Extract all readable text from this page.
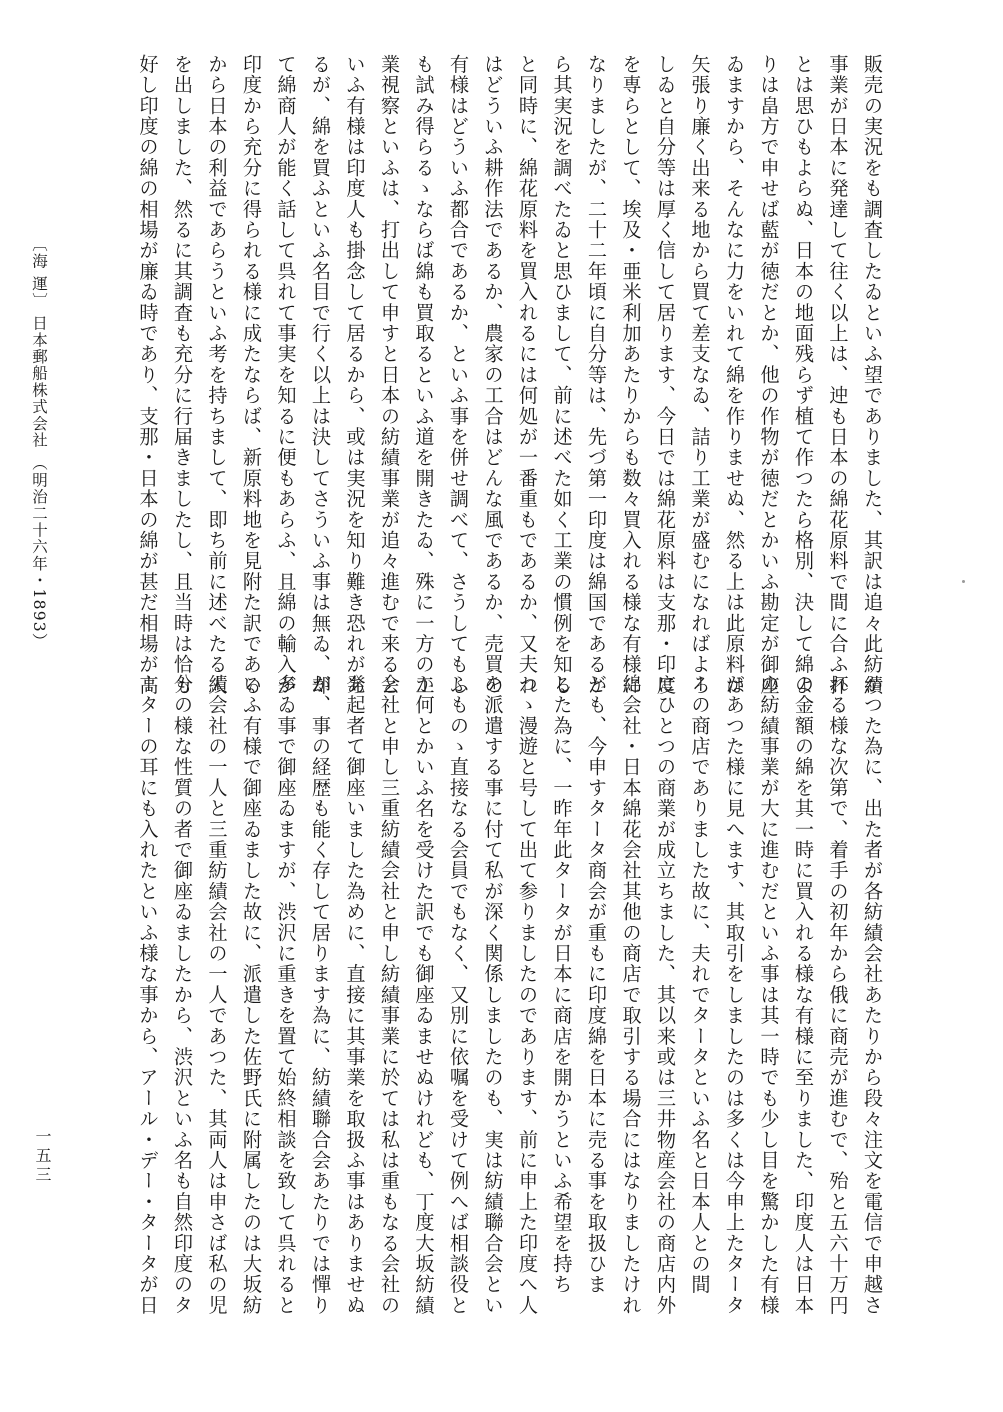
販売の実況をも調査したゐといふ望でありました、其訳は追々此紡績
事業が日本に発達して往く以上は、迚も日本の綿花原料で間に合ふ抔
とは思ひもよらぬ、日本の地面残らず植て作つたら格別、決して綿よ
りは畠方で申せば藍が徳だとか、他の作物が徳だとかいふ勘定が御座
ゐますから、そんなに力をいれて綿を作りませぬ、然る上は此原料は
矢張り廉く出来る地から買て差支なゐ、詰り工業が盛むになればよろ
しゐと自分等は厚く信して居ります、今日では綿花原料は支那・印度
を専らとして、埃及・亜米利加あたりからも数々買入れる様な有様に
なりましたが、二十二年頃に自分等は、先づ第一印度は綿国であるか
ら其実況を調べたゐと思ひまして、前に述べた如く工業の慣例を知る
と同時に、綿花原料を買入れるには何処が一番重もであるか、又夫れ
はどういふ耕作法であるか、農家の工合はどんな風であるか、売買の
有様はどういふ都合であるか、といふ事を併せ調べて、さうしてもし
も試み得らるゝならば綿も買取るといふ道を開きたゐ、殊に一方の工
業視察といふは、打出して申すと日本の紡績事業が追々進むで来ると
いふ有様は印度人も掛念して居るから、或は実況を知り難き恐れがあ
るが、綿を買ふといふ名目で行く以上は決してさういふ事は無ゐ、却
て綿商人が能く話して呉れて事実を知るに便もあらふ、且綿の輸入が
印度から充分に得られる様に成たならば、新原料地を見附た訳である
から日本の利益であらうといふ考を持ちまして、即ち前に述べたる人
を出しました、然るに其調査も充分に行届きましたし、且当時は恰も
好し印度の綿の相場が廉ゐ時であり、支那・日本の綿が甚だ相場が高
かつた為に、出た者が各紡績会社あたりから段々注文を電信で申越さ
れる様な次第で、着手の初年から俄に商売が進むで、殆と五六十万円
の金額の綿を其一時に買入れる様な有様に至りました、印度人は日本
の紡績事業が大に進むだといふ事は其一時でも少し目を驚かした有様
があつた様に見へます、其取引をしましたのは多くは今申上たタータ
ーの商店でありました故に、夫れでタータといふ名と日本人との間
にひとつの商業が成立ちました、其以来或は三井物産会社の商店内外
綿会社・日本綿花会社其他の商店で取引する場合にはなりましたけれ
ども、今申すタータ商会が重もに印度綿を日本に売る事を取扱ひま
した為に、一昨年此タータが日本に商店を開かうといふ希望を持ち
つゝ漫遊と号して出て参りましたのであります、前に申上た印度へ人
を派遣する事に付て私が深く関係しましたのも、実は紡績聯合会とい
ふものゝ直接なる会員でもなく、又別に依嘱を受けて例へば相談役と
か何とかいふ名を受けた訳でも御座ゐませぬけれども、丁度大坂紡績
会社と申し三重紡績会社と申し紡績事業に於ては私は重もなる会社の
発起者て御座いました為めに、直接に其事業を取扱ふ事はありませぬ
が、事の経歴も能く存して居ります為に、紡績聯合会あたりでは憚り
多ゐ事で御座ゐますが、渋沢に重きを置て始終相談を致して呉れると
いふ有様で御座ゐました故に、派遣した佐野氏に附属したのは大坂紡
績会社の一人と三重紡績会社の一人であつた、其両人は申さば私の児
分の様な性質の者で御座ゐましたから、渋沢といふ名も自然印度のタ
ーターの耳にも入れたといふ様な事から、アール・デー・タータが日
〔海 運〕 日本郵船株式会社 （明治二十六年・1893）
一五三
